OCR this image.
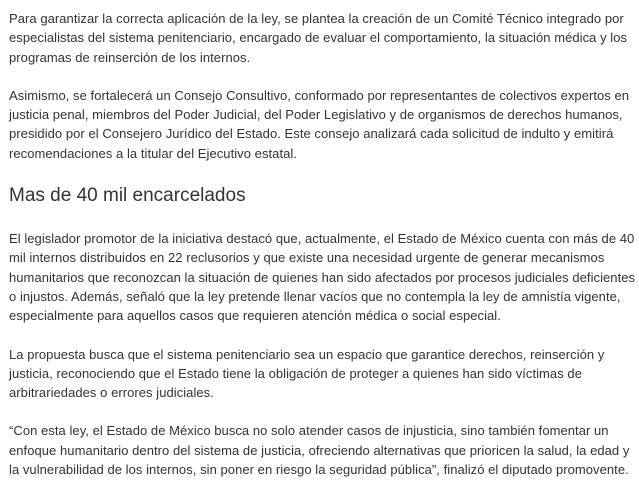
Para garantizar la correcta aplicación de la ley, se plantea la creación de un Comité Técnico integrado por
especialistas del sistema penitenciario, encargado de evaluar el comportamiento, la situación médica y los
programas de reinserción de los internos.

Asimismo, se fortalecerá un Consejo Consultivo, conformado por representantes de colectivos expertos en
justicia penal, miembros del Poder Judicial, del Poder Legislativo y de organismos de derechos humanos,
presidido por el Consejero Jurídico del Estado. Este consejo analizará cada solicitud de indulto y emitirá
recomendaciones a la titular del Ejecutivo estatal.

Mas de 40 mil encarcelados

El legislador promotor de la iniciativa destacó que, actualmente, el Estado de México cuenta con más de 40
mil internos distribuidos en 22 reclusorios y que existe una necesidad urgente de generar mecanismos
humanitarios que reconozcan la situación de quienes han sido afectados por procesos judiciales deficientes
o injustos. Además, señaló que la ley pretende llenar vacíos que no contempla la ley de amnistía vigente,
especialmente para aquellos casos que requieren atención médica o social especial.

La propuesta busca que el sistema penitenciario sea un espacio que garantice derechos, reinserción y
justicia, reconociendo que el Estado tiene la obligación de proteger a quienes han sido víctimas de
arbitrariedades o errores judiciales.

“Con esta ley, el Estado de México busca no solo atender casos de injusticia, sino también fomentar un
enfoque humanitario dentro del sistema de justicia, ofreciendo alternativas que prioricen la salud, la edad y
la vulnerabilidad de los internos, sin poner en riesgo la seguridad pública”, finalizó el diputado promovente.
